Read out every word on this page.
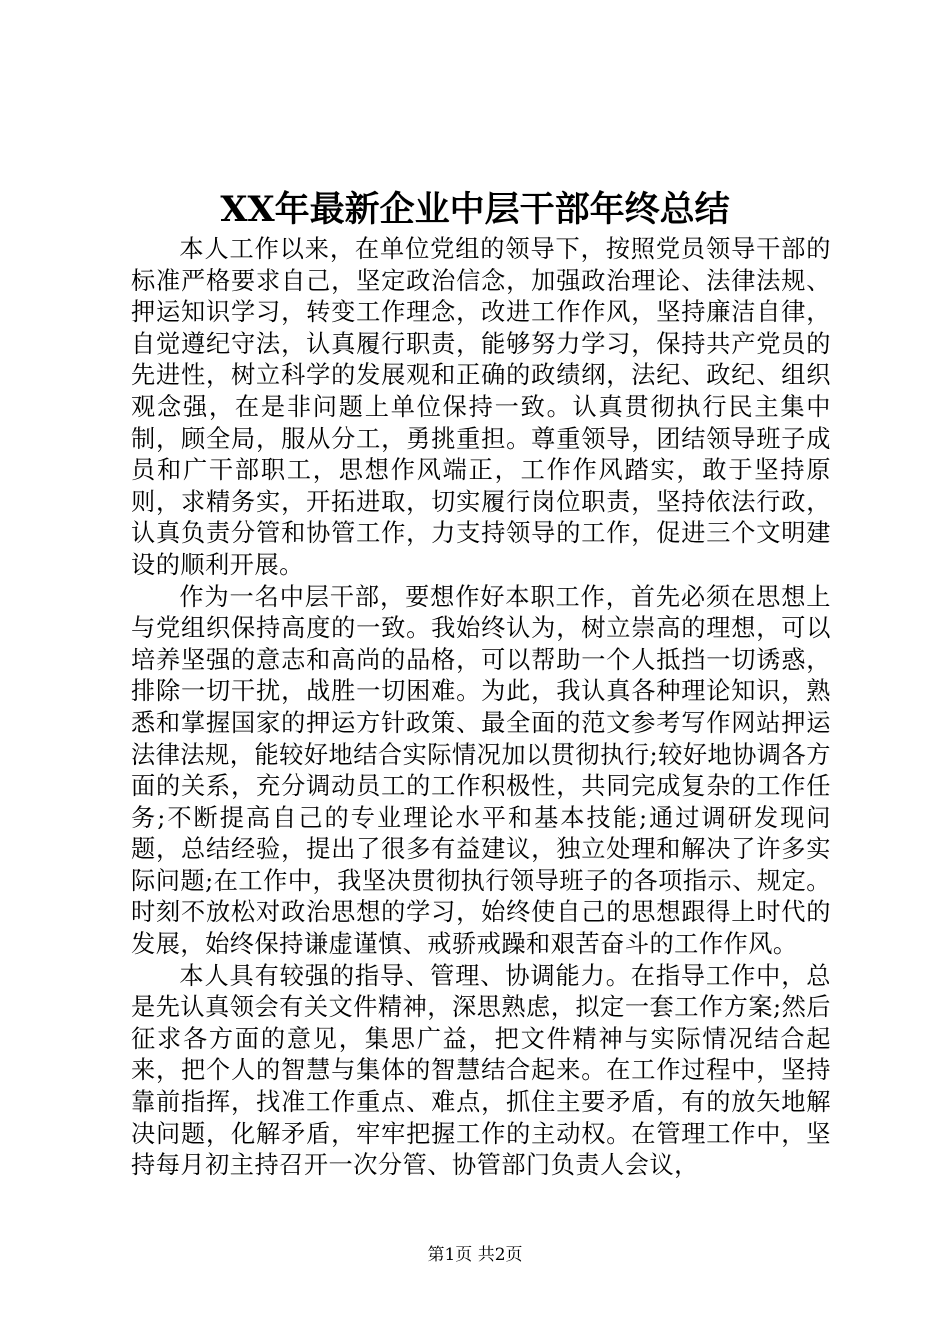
XX年最新企业中层干部年终总结

本人工作以来，在单位党组的领导下，按照党员领导干部的标准严格要求自己，坚定政治信念，加强政治理论、法律法规、押运知识学习，转变工作理念，改进工作作风，坚持廉洁自律，自觉遵纪守法，认真履行职责，能够努力学习，保持共产党员的先进性，树立科学的发展观和正确的政绩纲，法纪、政纪、组织观念强，在是非问题上单位保持一致。认真贯彻执行民主集中制，顾全局，服从分工，勇挑重担。尊重领导，团结领导班子成员和广干部职工，思想作风端正，工作作风踏实，敢于坚持原则，求精务实，开拓进取，切实履行岗位职责，坚持依法行政，认真负责分管和协管工作，力支持领导的工作，促进三个文明建设的顺利开展。

作为一名中层干部，要想作好本职工作，首先必须在思想上与党组织保持高度的一致。我始终认为，树立崇高的理想，可以培养坚强的意志和高尚的品格，可以帮助一个人抵挡一切诱惑，排除一切干扰，战胜一切困难。为此，我认真各种理论知识，熟悉和掌握国家的押运方针政策、最全面的范文参考写作网站押运法律法规，能较好地结合实际情况加以贯彻执行;较好地协调各方面的关系，充分调动员工的工作积极性，共同完成复杂的工作任务;不断提高自己的专业理论水平和基本技能;通过调研发现问题，总结经验，提出了很多有益建议，独立处理和解决了许多实际问题;在工作中，我坚决贯彻执行领导班子的各项指示、规定。时刻不放松对政治思想的学习，始终使自己的思想跟得上时代的发展，始终保持谦虚谨慎、戒骄戒躁和艰苦奋斗的工作作风。

本人具有较强的指导、管理、协调能力。在指导工作中，总是先认真领会有关文件精神，深思熟虑，拟定一套工作方案;然后征求各方面的意见，集思广益，把文件精神与实际情况结合起来，把个人的智慧与集体的智慧结合起来。在工作过程中，坚持靠前指挥，找准工作重点、难点，抓住主要矛盾，有的放矢地解决问题，化解矛盾，牢牢把握工作的主动权。在管理工作中，坚持每月初主持召开一次分管、协管部门负责人会议，

第1页 共2页
